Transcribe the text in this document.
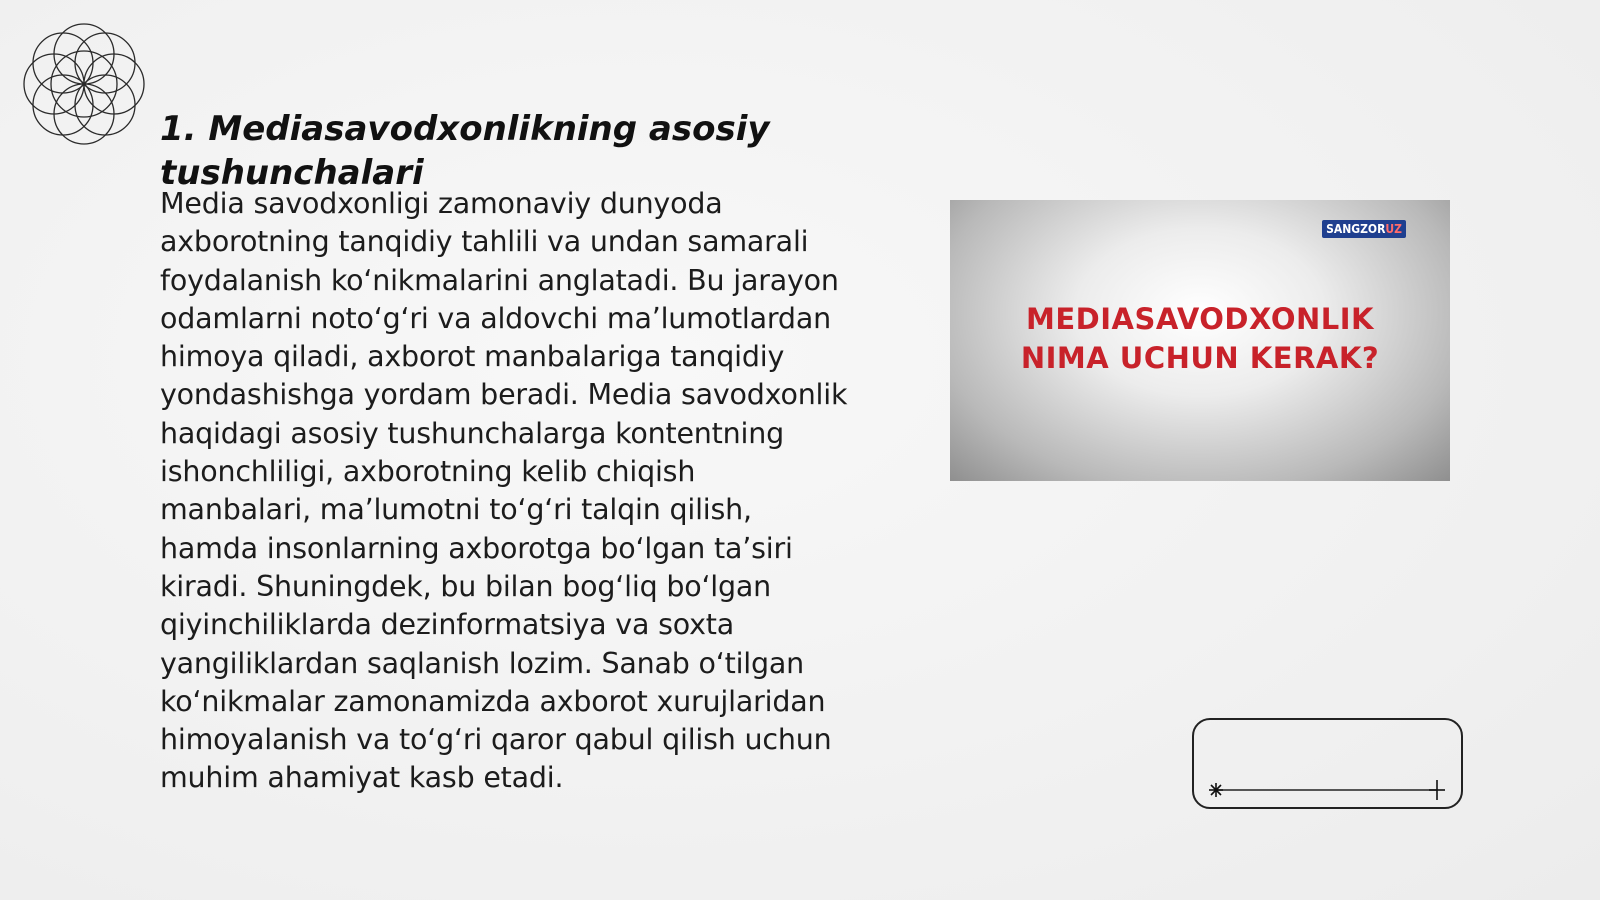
1. Mediasavodxonlikning asosiy tushunchalari

Media savodxonligi zamonaviy dunyoda axborotning tanqidiy tahlili va undan samarali foydalanish koʻnikmalarini anglatadi. Bu jarayon odamlarni notoʻgʻri va aldovchi maʼlumotlardan himoya qiladi, axborot manbalariga tanqidiy yondashishga yordam beradi. Media savodxonlik haqidagi asosiy tushunchalarga kontentning ishonchliligi, axborotning kelib chiqish manbalari, maʼlumotni toʻgʻri talqin qilish, hamda insonlarning axborotga boʻlgan taʼsiri kiradi. Shuningdek, bu bilan bogʻliq boʻlgan qiyinchiliklarda dezinformatsiya va soxta yangiliklardan saqlanish lozim. Sanab oʻtilgan koʻnikmalar zamonamizda axborot xurujlaridan himoyalanish va toʻgʻri qaror qabul qilish uchun muhim ahamiyat kasb etadi.

SANGZORUZ
MEDIASAVODXONLIK
NIMA UCHUN KERAK?
